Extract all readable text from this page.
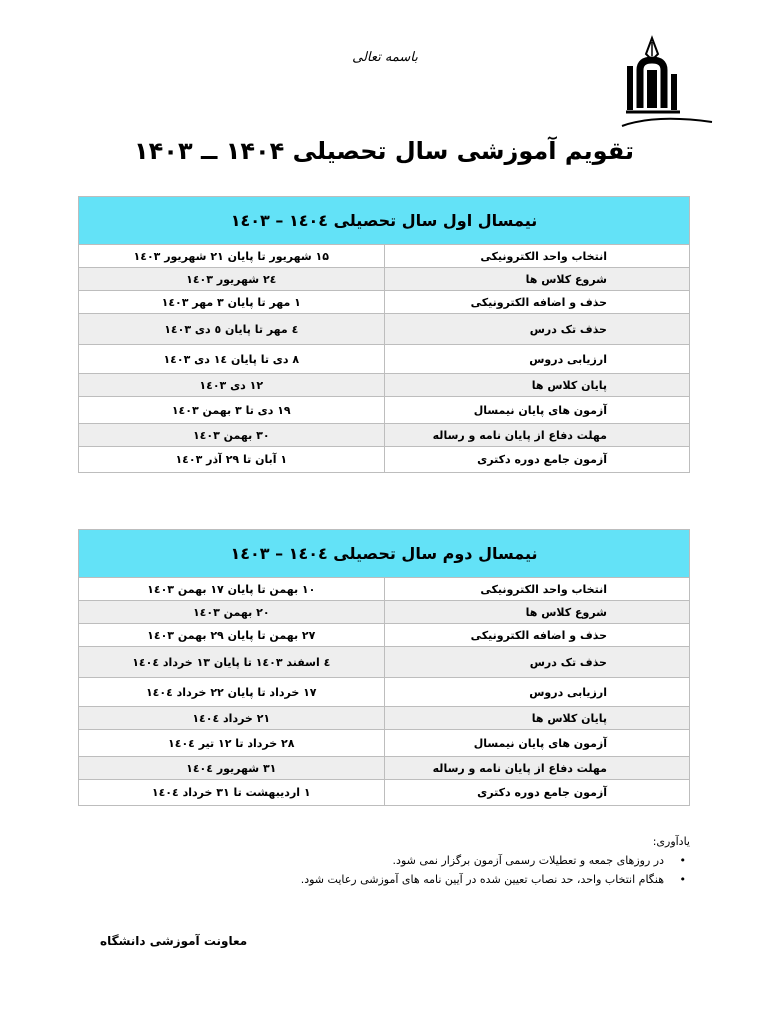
باسمه تعالی
تقویم آموزشی سال تحصیلی ۱۴۰۴ ــ ۱۴۰۳
نیمسال اول سال تحصیلی ۱٤٠٤ – ۱٤٠۳	
انتخاب واحد الکترونیکی	۱۵ شهریور تا پایان ۲۱ شهریور ۱٤٠۳
شروع کلاس ها	۲٤ شهریور ۱٤٠۳
حذف و اضافه الکترونیکی	۱ مهر تا پایان ۳ مهر ۱٤٠۳
حذف تک درس	٤ مهر تا پایان ٥ دی ۱٤٠۳
ارزیابی دروس	۸ دی تا پایان ۱٤ دی ۱٤٠۳
پایان کلاس ها	۱۲ دی ۱٤٠۳
آزمون های پایان نیمسال	۱۹ دی تا ۳ بهمن ۱٤٠۳
مهلت دفاع از پایان نامه و رساله	۳۰ بهمن ۱٤٠۳
آزمون جامع دوره دکتری	۱ آبان تا ۲۹ آذر ۱٤٠۳
نیمسال دوم سال تحصیلی ۱٤٠٤ – ۱٤٠۳	
انتخاب واحد الکترونیکی	۱٠ بهمن تا پایان ۱۷ بهمن ۱٤٠۳
شروع کلاس ها	۲٠ بهمن ۱٤٠۳
حذف و اضافه الکترونیکی	۲۷ بهمن تا پایان ۲۹ بهمن ۱٤٠۳
حذف تک درس	٤ اسفند ۱٤٠۳ تا پایان ۱۳ خرداد ۱٤٠٤
ارزیابی دروس	۱۷ خرداد تا پایان ۲۲ خرداد ۱٤٠٤
پایان کلاس ها	۲۱ خرداد ۱٤٠٤
آزمون های پایان نیمسال	۲۸ خرداد تا ۱۲ تیر ۱٤٠٤
مهلت دفاع از پایان نامه و رساله	۳۱ شهریور ۱٤٠٤
آزمون جامع دوره دکتری	۱ اردیبهشت تا ۳۱ خرداد ۱٤٠٤
یادآوری:
•
در روزهای جمعه و تعطیلات رسمی آزمون برگزار نمی شود.
•
هنگام انتخاب واحد، حد نصاب تعیین شده در آیین نامه های آموزشی رعایت شود.
معاونت آموزشی دانشگاه
